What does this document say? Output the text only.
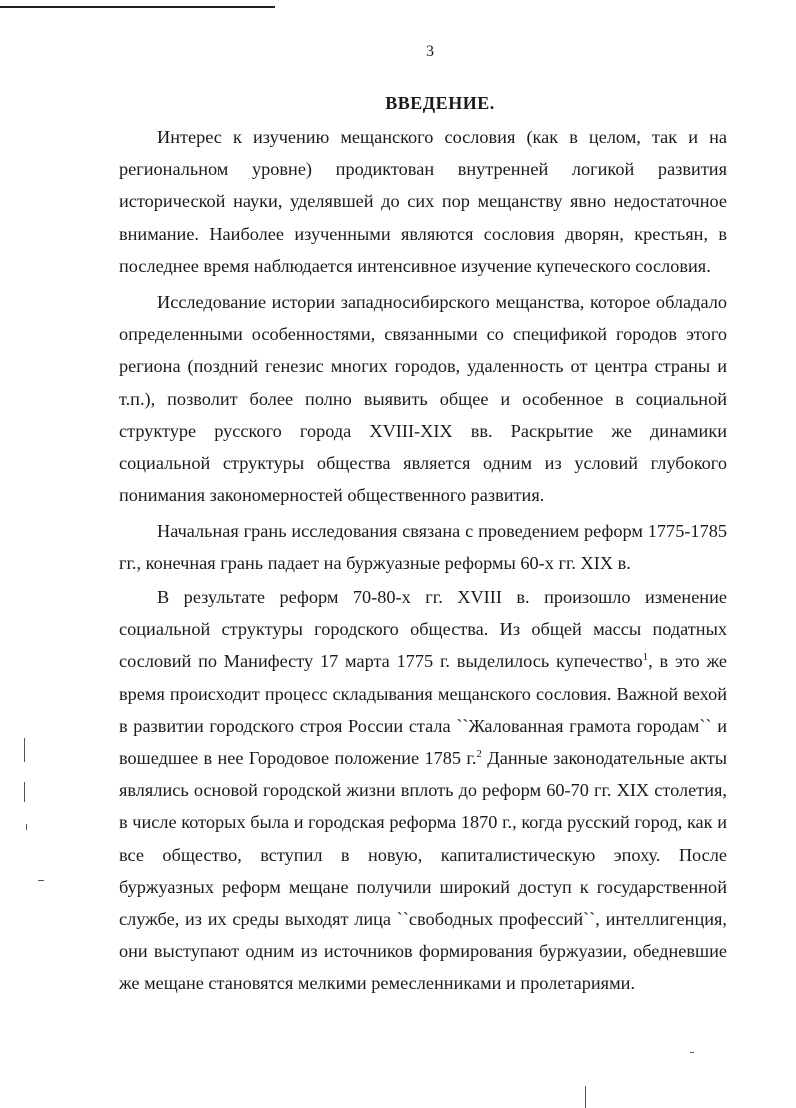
3
ВВЕДЕНИЕ.

Интерес к изучению мещанского сословия (как в целом, так и на региональном уровне) продиктован внутренней логикой развития исторической науки, уделявшей до сих пор мещанству явно недостаточное внимание. Наиболее изученными являются сословия дворян, крестьян, в последнее время наблюдается интенсивное изучение купеческого сословия.

Исследование истории западносибирского мещанства, которое обладало определенными особенностями, связанными со спецификой городов этого региона (поздний генезис многих городов, удаленность от центра страны и т.п.), позволит более полно выявить общее и особенное в социальной структуре русского города XVIII-XIX вв. Раскрытие же динамики социальной структуры общества является одним из условий глубокого понимания закономерностей общественного развития.

Начальная грань исследования связана с проведением реформ 1775-1785 гг., конечная грань падает на буржуазные реформы 60-х гг. XIX в.

В результате реформ 70-80-х гг. XVIII в. произошло изменение социальной структуры городского общества. Из общей массы податных сословий по Манифесту 17 марта 1775 г. выделилось купечество$^1$, в это же время происходит процесс складывания мещанского сословия. Важной вехой в развитии городского строя России стала ``Жалованная грамота городам`` и вошедшее в нее Городовое положение 1785 г.$^2$ Данные законодательные акты являлись основой городской жизни вплоть до реформ 60-70 гг. XIX столетия, в числе которых была и городская реформа 1870 г., когда русский город, как и все общество, вступил в новую, капиталистическую эпоху. После буржуазных реформ мещане получили широкий доступ к государственной службе, из их среды выходят лица ``свободных профессий``, интеллигенция, они выступают одним из источников формирования буржуазии, обедневшие же мещане становятся мелкими ремесленниками и пролетариями.
